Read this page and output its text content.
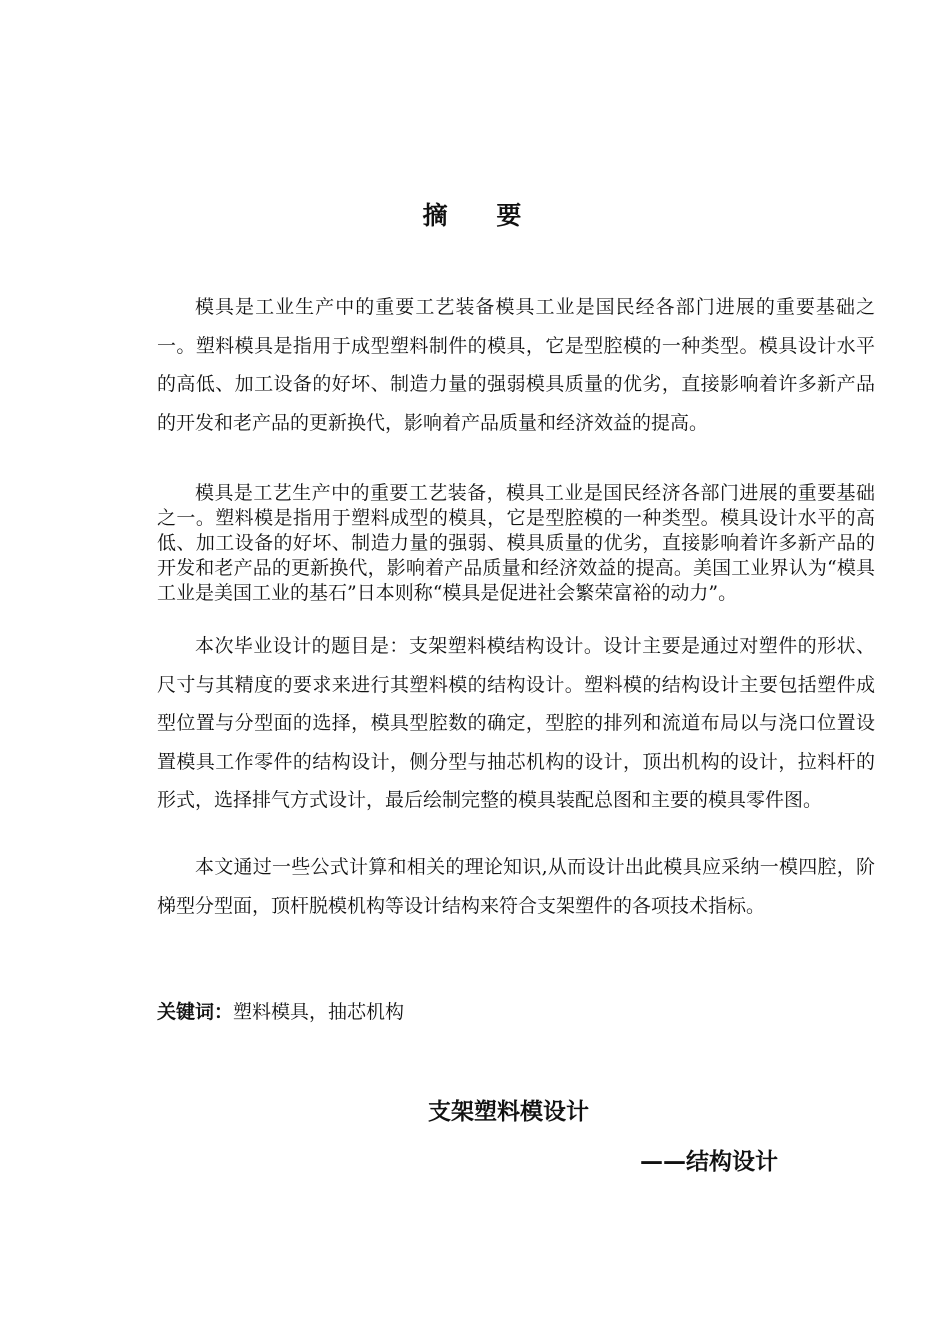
摘 要

模具是工业生产中的重要工艺装备模具工业是国民经各部门进展的重要基础之一。塑料模具是指用于成型塑料制件的模具，它是型腔模的一种类型。模具设计水平的高低、加工设备的好坏、制造力量的强弱模具质量的优劣，直接影响着许多新产品的开发和老产品的更新换代，影响着产品质量和经济效益的提高。

模具是工艺生产中的重要工艺装备，模具工业是国民经济各部门进展的重要基础之一。塑料模是指用于塑料成型的模具，它是型腔模的一种类型。模具设计水平的高低、加工设备的好坏、制造力量的强弱、模具质量的优劣，直接影响着许多新产品的开发和老产品的更新换代，影响着产品质量和经济效益的提高。美国工业界认为“模具工业是美国工业的基石”日本则称“模具是促进社会繁荣富裕的动力”。

本次毕业设计的题目是：支架塑料模结构设计。设计主要是通过对塑件的形状、尺寸与其精度的要求来进行其塑料模的结构设计。塑料模的结构设计主要包括塑件成型位置与分型面的选择，模具型腔数的确定，型腔的排列和流道布局以与浇口位置设置模具工作零件的结构设计，侧分型与抽芯机构的设计，顶出机构的设计，拉料杆的形式，选择排气方式设计，最后绘制完整的模具装配总图和主要的模具零件图。

本文通过一些公式计算和相关的理论知识,从而设计出此模具应采纳一模四腔，阶梯型分型面，顶杆脱模机构等设计结构来符合支架塑件的各项技术指标。

关键词：塑料模具，抽芯机构
支架塑料模设计
——结构设计
